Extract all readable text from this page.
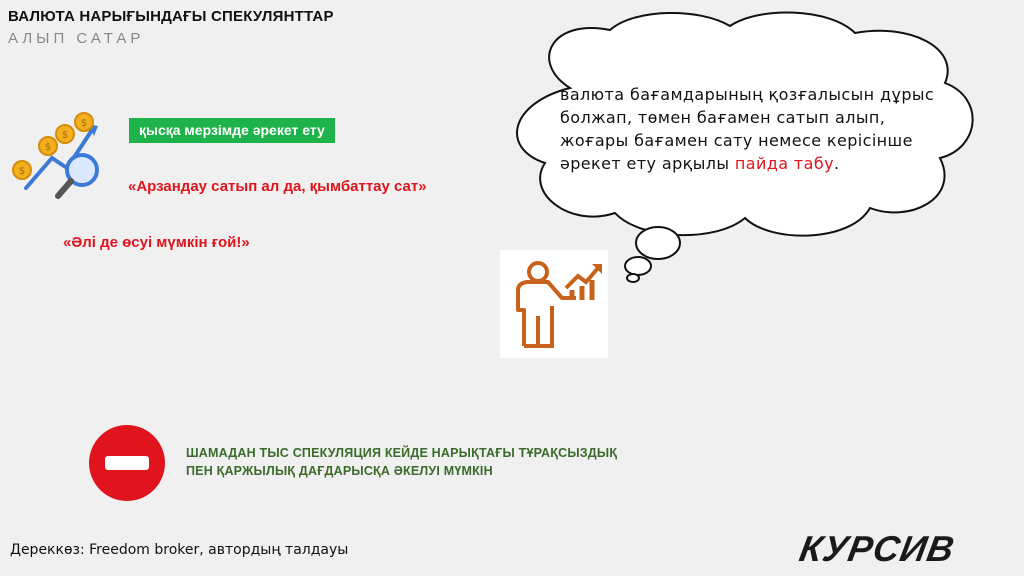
ВАЛЮТА НАРЫҒЫНДАҒЫ СПЕКУЛЯНТТАР
АЛЫП САТАР
$
$
$
$	қысқа мерзімде әрекет ету
«Арзандау сатып ал да, қымбаттау сат»
«Әлі де өсуі мүмкін ғой!»
валюта бағамдарының қозғалысын дұрыс болжап, төмен бағамен сатып алып, жоғары бағамен сату немесе керісінше әрекет ету арқылы пайда табу.
ШАМАДАН ТЫС СПЕКУЛЯЦИЯ КЕЙДЕ НАРЫҚТАҒЫ ТҰРАҚСЫЗДЫҚ ПЕН ҚАРЖЫЛЫҚ ДАҒДАРЫСҚА ӘКЕЛУІ МҮМКІН
Дереккөз: Freedom broker, автордың талдауы	КУРСИВ
